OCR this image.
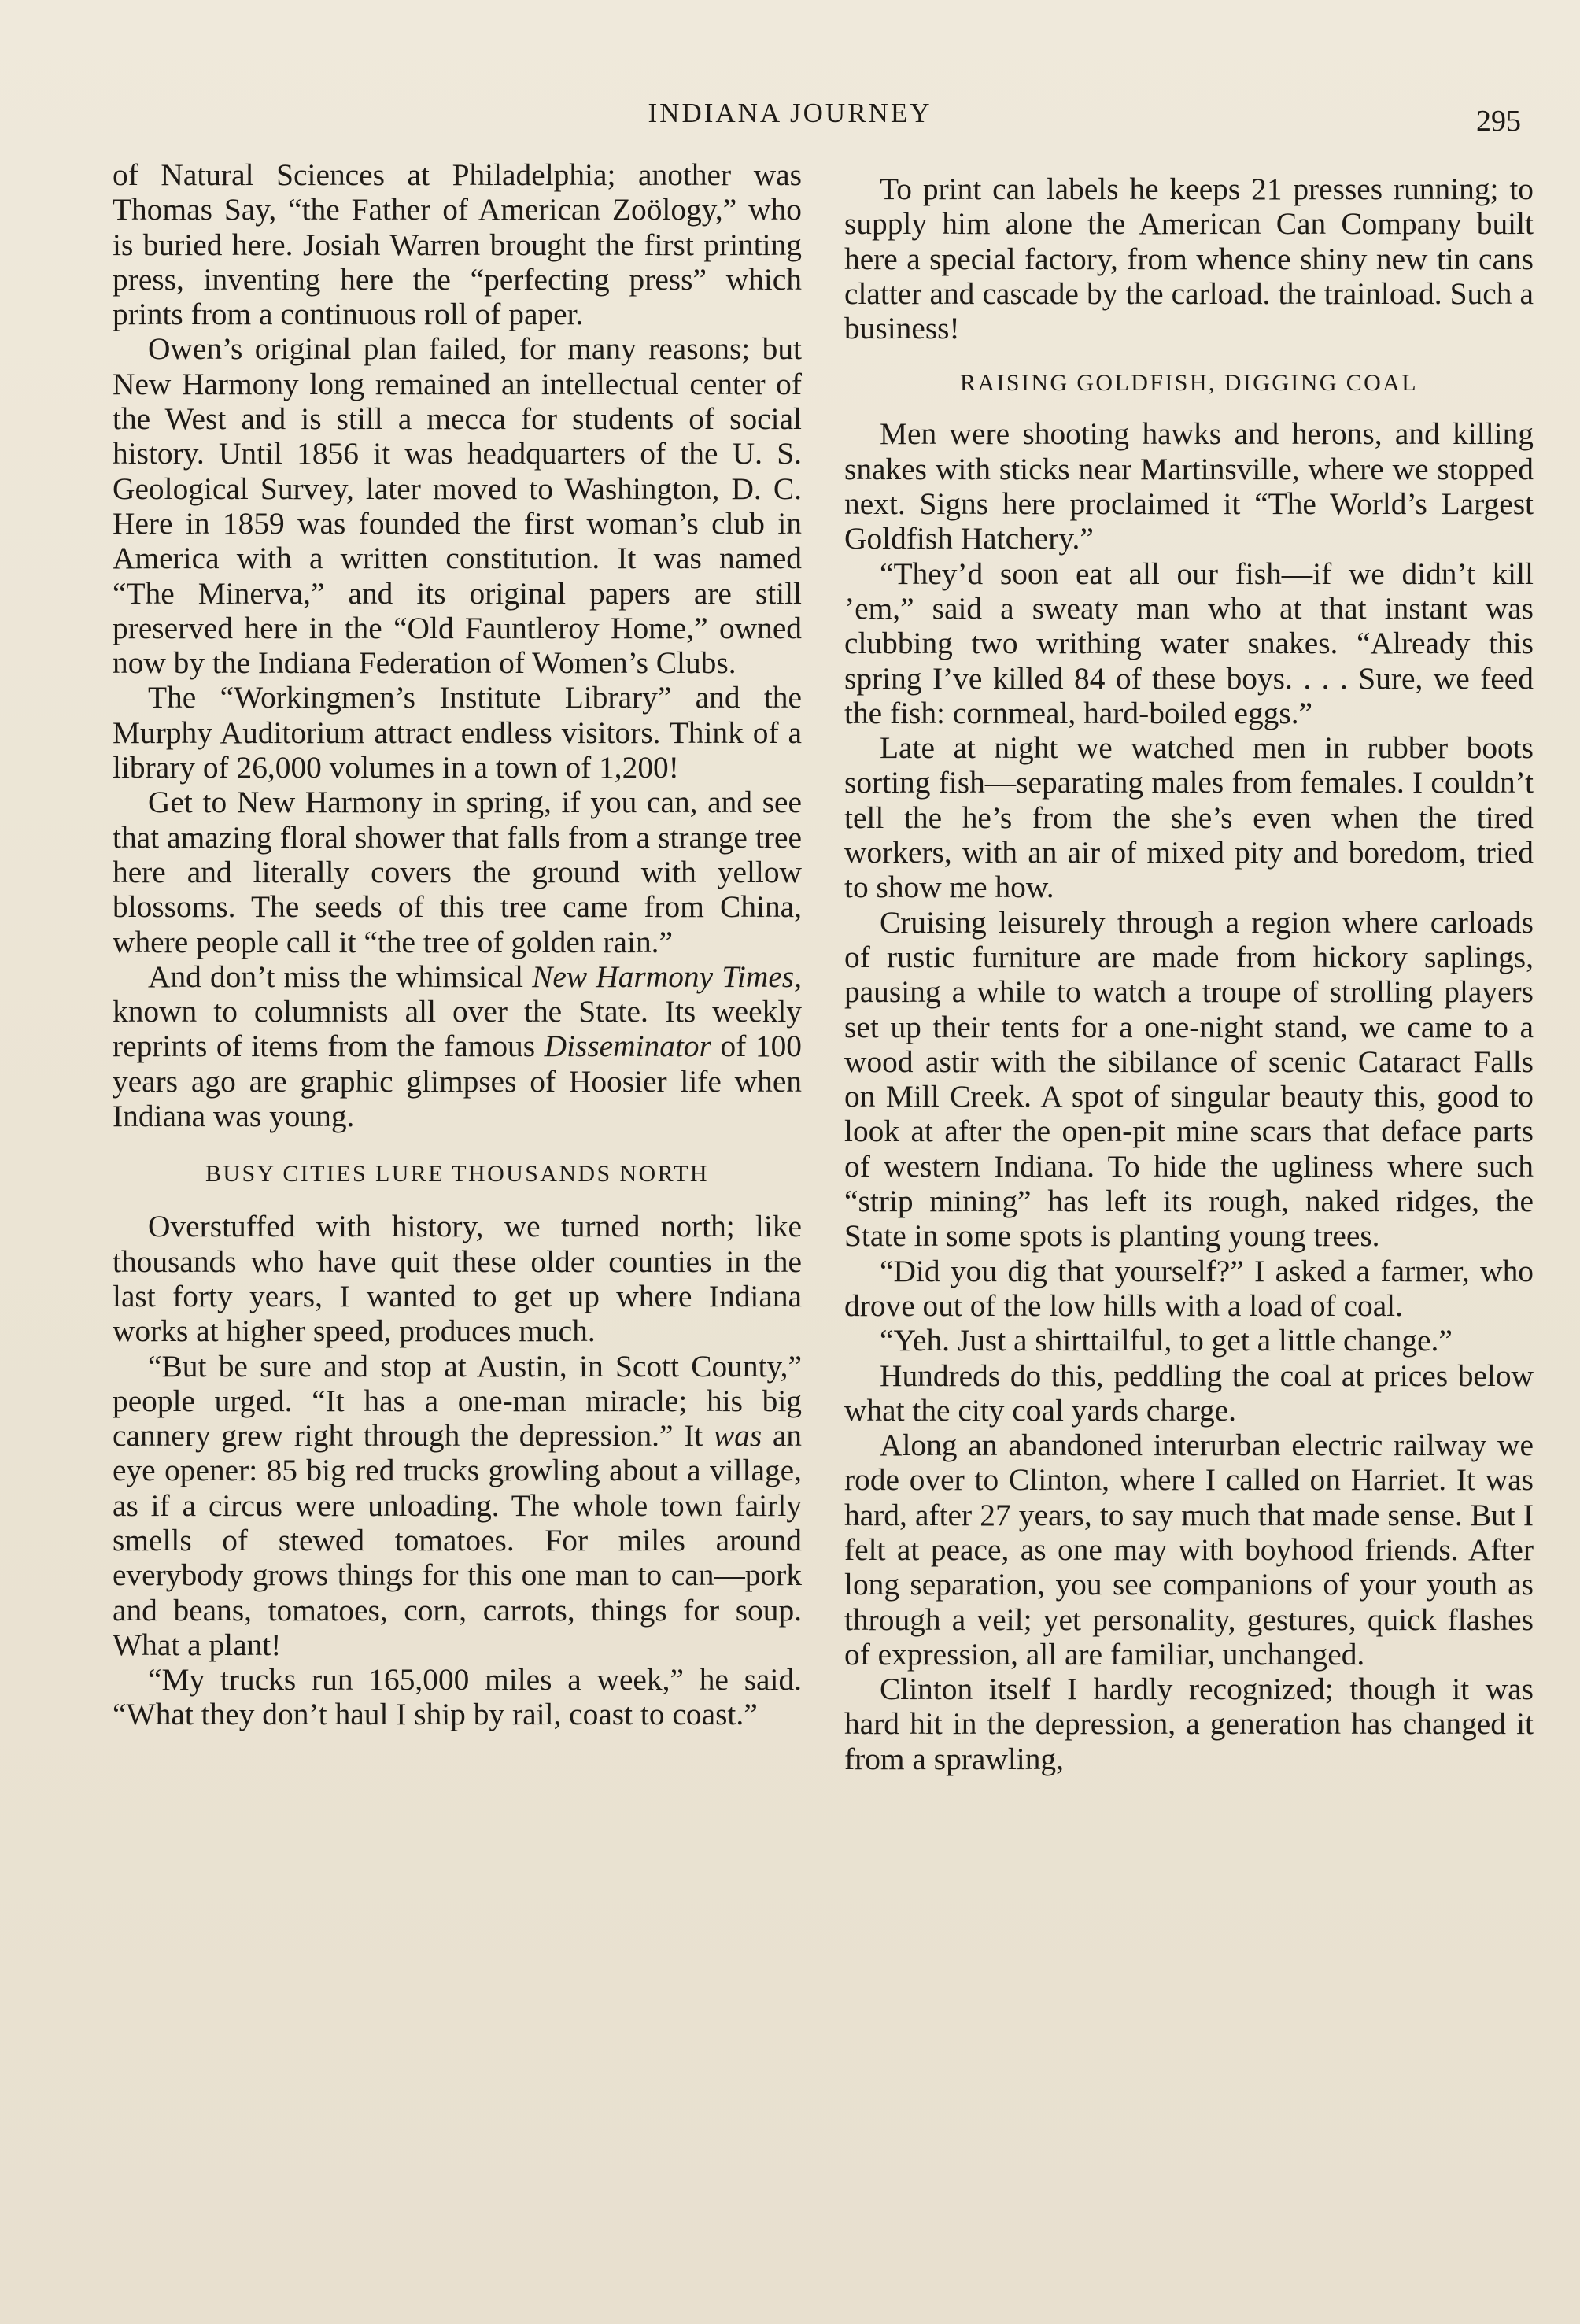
INDIANA JOURNEY	295

of Natural Sciences at Philadelphia; another was Thomas Say, “the Father of American Zoölogy,” who is buried here. Josiah Warren brought the first printing press, inventing here the “perfecting press” which prints from a continuous roll of paper.

Owen’s original plan failed, for many reasons; but New Harmony long remained an intellectual center of the West and is still a mecca for students of social history. Until 1856 it was headquarters of the U. S. Geological Survey, later moved to Washington, D. C. Here in 1859 was founded the first woman’s club in America with a written constitution. It was named “The Minerva,” and its original papers are still preserved here in the “Old Fauntleroy Home,” owned now by the Indiana Federation of Women’s Clubs.

The “Workingmen’s Institute Library” and the Murphy Auditorium attract endless visitors. Think of a library of 26,000 volumes in a town of 1,200!

Get to New Harmony in spring, if you can, and see that amazing floral shower that falls from a strange tree here and literally covers the ground with yellow blossoms. The seeds of this tree came from China, where people call it “the tree of golden rain.”

And don’t miss the whimsical New Harmony Times, known to columnists all over the State. Its weekly reprints of items from the famous Disseminator of 100 years ago are graphic glimpses of Hoosier life when Indiana was young.

BUSY CITIES LURE THOUSANDS NORTH

Overstuffed with history, we turned north; like thousands who have quit these older counties in the last forty years, I wanted to get up where Indiana works at higher speed, produces much.

“But be sure and stop at Austin, in Scott County,” people urged. “It has a one-man miracle; his big cannery grew right through the depression.” It was an eye opener: 85 big red trucks growling about a village, as if a circus were unloading. The whole town fairly smells of stewed tomatoes. For miles around everybody grows things for this one man to can—pork and beans, tomatoes, corn, carrots, things for soup. What a plant!

“My trucks run 165,000 miles a week,” he said. “What they don’t haul I ship by rail, coast to coast.”

To print can labels he keeps 21 presses running; to supply him alone the American Can Company built here a special factory, from whence shiny new tin cans clatter and cascade by the carload. the trainload. Such a business!

RAISING GOLDFISH, DIGGING COAL

Men were shooting hawks and herons, and killing snakes with sticks near Martinsville, where we stopped next. Signs here proclaimed it “The World’s Largest Goldfish Hatchery.”

“They’d soon eat all our fish—if we didn’t kill ’em,” said a sweaty man who at that instant was clubbing two writhing water snakes. “Already this spring I’ve killed 84 of these boys. . . . Sure, we feed the fish: cornmeal, hard-boiled eggs.”

Late at night we watched men in rubber boots sorting fish—separating males from females. I couldn’t tell the he’s from the she’s even when the tired workers, with an air of mixed pity and boredom, tried to show me how.

Cruising leisurely through a region where carloads of rustic furniture are made from hickory saplings, pausing a while to watch a troupe of strolling players set up their tents for a one-night stand, we came to a wood astir with the sibilance of scenic Cataract Falls on Mill Creek. A spot of singular beauty this, good to look at after the open-pit mine scars that deface parts of western Indiana. To hide the ugliness where such “strip mining” has left its rough, naked ridges, the State in some spots is planting young trees.

“Did you dig that yourself?” I asked a farmer, who drove out of the low hills with a load of coal.

“Yeh. Just a shirttailful, to get a little change.”

Hundreds do this, peddling the coal at prices below what the city coal yards charge.

Along an abandoned interurban electric railway we rode over to Clinton, where I called on Harriet. It was hard, after 27 years, to say much that made sense. But I felt at peace, as one may with boyhood friends. After long separation, you see companions of your youth as through a veil; yet personality, gestures, quick flashes of expression, all are familiar, unchanged.

Clinton itself I hardly recognized; though it was hard hit in the depression, a generation has changed it from a sprawling,
